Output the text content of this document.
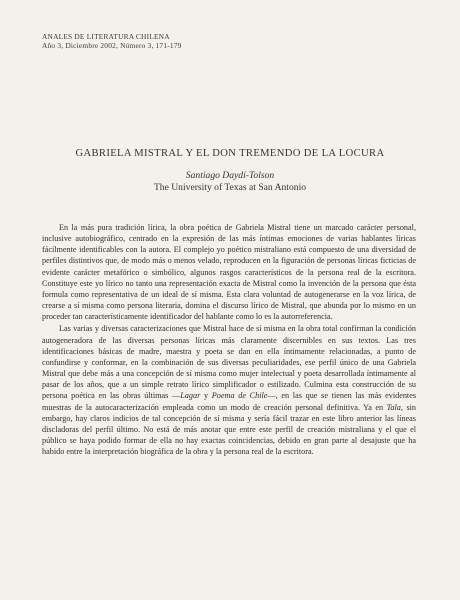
ANALES DE LITERATURA CHILENA
Año 3, Diciembre 2002, Número 3, 171-179
GABRIELA MISTRAL Y EL DON TREMENDO DE LA LOCURA
Santiago Daydí-Tolson
The University of Texas at San Antonio

En la más pura tradición lírica, la obra poética de Gabriela Mistral tiene un marcado carácter personal, inclusive autobiográfico, centrado en la expresión de las más íntimas emociones de varias hablantes líricas fácilmente identificables con la autora. El complejo yo poético mistraliano está compuesto de una diversidad de perfiles distintivos que, de modo más o menos velado, reproducen en la figuración de personas líricas ficticias de evidente carácter metafórico o simbólico, algunos rasgos característicos de la persona real de la escritora. Constituye este yo lírico no tanto una representación exacta de Mistral como la invención de la persona que ésta formula como representativa de un ideal de sí misma. Esta clara voluntad de autogenerarse en la voz lírica, de crearse a sí misma como persona literaria, domina el discurso lírico de Mistral, que abunda por lo mismo en un proceder tan característicamente identificador del hablante como lo es la autorreferencia.

Las varias y diversas caracterizaciones que Mistral hace de sí misma en la obra total confirman la condición autogeneradora de las diversas personas líricas más claramente discernibles en sus textos. Las tres identificaciones básicas de madre, maestra y poeta se dan en ella íntimamente relacionadas, a punto de confundirse y conformar, en la combinación de sus diversas peculiaridades, ese perfil único de una Gabriela Mistral que debe más a una concepción de sí misma como mujer intelectual y poeta desarrollada íntimamente al pasar de los años, que a un simple retrato lírico simplificador o estilizado. Culmina esta construcción de su persona poética en las obras últimas —Lagar y Poema de Chile—, en las que se tienen las más evidentes muestras de la autocaracterización empleada como un modo de creación personal definitiva. Ya en Tala, sin embargo, hay claros indicios de tal concepción de sí misma y sería fácil trazar en este libro anterior las líneas discladoras del perfil último. No está de más anotar que entre este perfil de creación mistraliana y el que el público se haya podido formar de ella no hay exactas coincidencias, debido en gran parte al desajuste que ha habido entre la interpretación biográfica de la obra y la persona real de la escritora.
